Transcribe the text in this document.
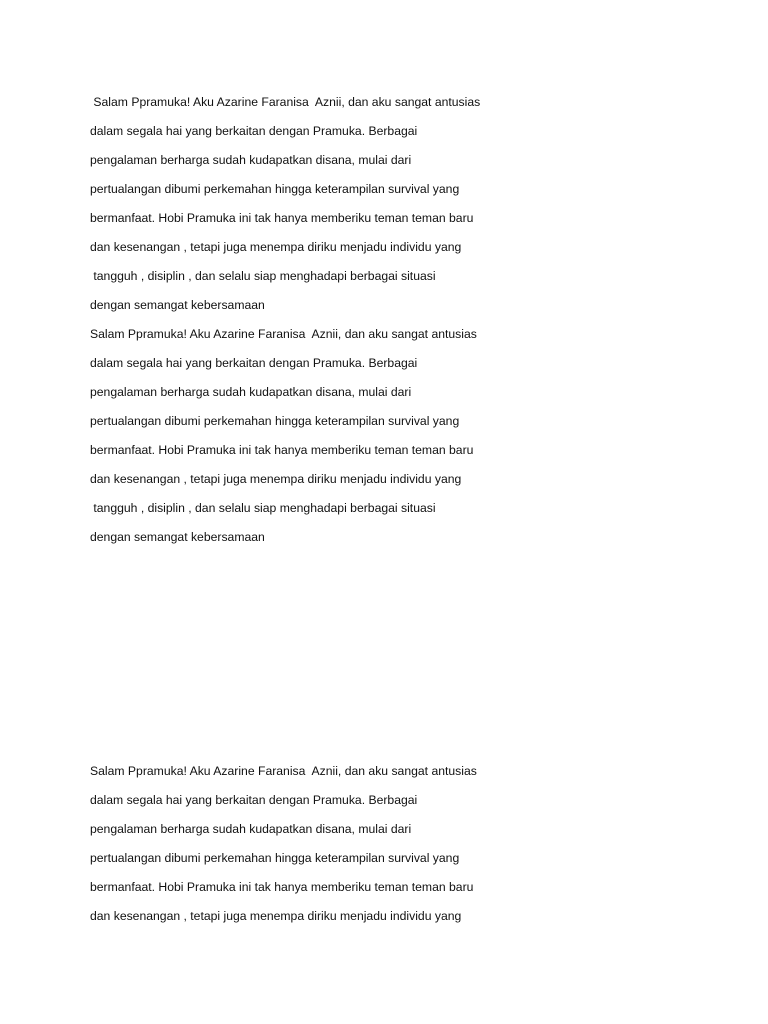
Salam Ppramuka! Aku Azarine Faranisa  Aznii, dan aku sangat antusias
dalam segala hai yang berkaitan dengan Pramuka. Berbagai
pengalaman berharga sudah kudapatkan disana, mulai dari
pertualangan dibumi perkemahan hingga keterampilan survival yang
bermanfaat. Hobi Pramuka ini tak hanya memberiku teman teman baru
dan kesenangan , tetapi juga menempa diriku menjadu individu yang
tangguh , disiplin , dan selalu siap menghadapi berbagai situasi
dengan semangat kebersamaan
Salam Ppramuka! Aku Azarine Faranisa  Aznii, dan aku sangat antusias
dalam segala hai yang berkaitan dengan Pramuka. Berbagai
pengalaman berharga sudah kudapatkan disana, mulai dari
pertualangan dibumi perkemahan hingga keterampilan survival yang
bermanfaat. Hobi Pramuka ini tak hanya memberiku teman teman baru
dan kesenangan , tetapi juga menempa diriku menjadu individu yang
tangguh , disiplin , dan selalu siap menghadapi berbagai situasi
dengan semangat kebersamaan
Salam Ppramuka! Aku Azarine Faranisa  Aznii, dan aku sangat antusias
dalam segala hai yang berkaitan dengan Pramuka. Berbagai
pengalaman berharga sudah kudapatkan disana, mulai dari
pertualangan dibumi perkemahan hingga keterampilan survival yang
bermanfaat. Hobi Pramuka ini tak hanya memberiku teman teman baru
dan kesenangan , tetapi juga menempa diriku menjadu individu yang
